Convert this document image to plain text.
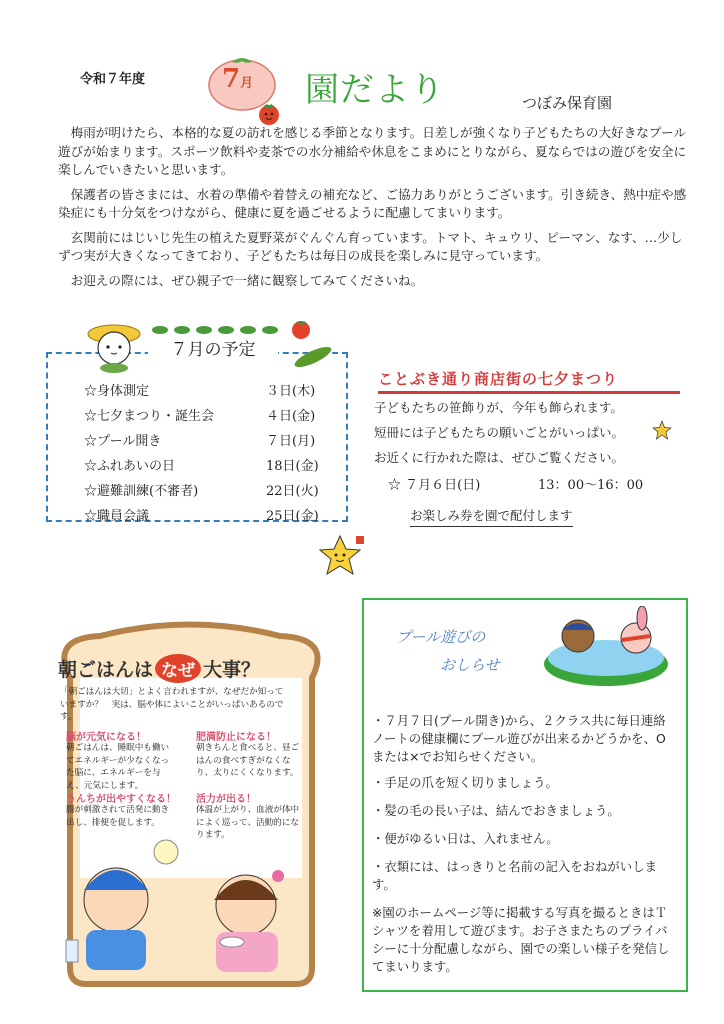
令和７年度	7月 園だより	つぼみ保育園

梅雨が明けたら、本格的な夏の訪れを感じる季節となります。日差しが強くなり子どもたちの大好きなプール遊びが始まります。スポーツ飲料や麦茶での水分補給や休息をこまめにとりながら、夏ならではの遊びを安全に楽しんでいきたいと思います。

保護者の皆さまには、水着の準備や着替えの補充など、ご協力ありがとうございます。引き続き、熱中症や感染症にも十分気をつけながら、健康に夏を過ごせるように配慮してまいります。

玄関前にはじいじ先生の植えた夏野菜がぐんぐん育っています。トマト、キュウリ、ピーマン、なす、…少しずつ実が大きくなってきており、子どもたちは毎日の成長を楽しみに見守っています。

お迎えの際には、ぜひ親子で一緒に観察してみてくださいね。

７月の予定
☆身体測定	３日(木)
☆七夕まつり・誕生会	４日(金)
☆プール開き	７日(月)
☆ふれあいの日	18日(金)
☆避難訓練(不審者)	22日(火)
☆職員会議	25日(金)
ことぶき通り商店街の七夕まつり
子どもたちの笹飾りが、今年も飾られます。
短冊には子どもたちの願いごとがいっぱい。
お近くに行かれた際は、ぜひご覧ください。
☆ ７月６日(日)	13：00〜16：00
お楽しみ券を園で配付します
朝ごはんは なぜ 大事？
「朝ごはんは大切」とよく言われますが、なぜだか知っていますか？　実は、脳や体によいことがいっぱいあるのです。
脳が元気になる！
朝ごはんは、睡眠中も働いてエネルギーが少なくなった脳に、エネルギーを与え、元気にします。
肥満防止になる！
朝きちんと食べると、昼ごはんの食べすぎがなくなり、太りにくくなります。
うんちが出やすくなる！
腸が刺激されて活発に動き出し、排便を促します。
活力が出る！
体温が上がり、血液が体中によく巡って、活動的になります。
プール遊びの
おしらせ
・７月７日(プール開き)から、２クラス共に毎日連絡ノートの健康欄にプール遊びが出来るかどうかを、Oまたは×でお知らせください。
・手足の爪を短く切りましょう。
・髪の毛の長い子は、結んでおきましょう。
・便がゆるい日は、入れません。
・衣類には、はっきりと名前の記入をおねがいします。
※園のホームページ等に掲載する写真を撮るときはＴシャツを着用して遊びます。お子さまたちのプライバシーに十分配慮しながら、園での楽しい様子を発信してまいります。
